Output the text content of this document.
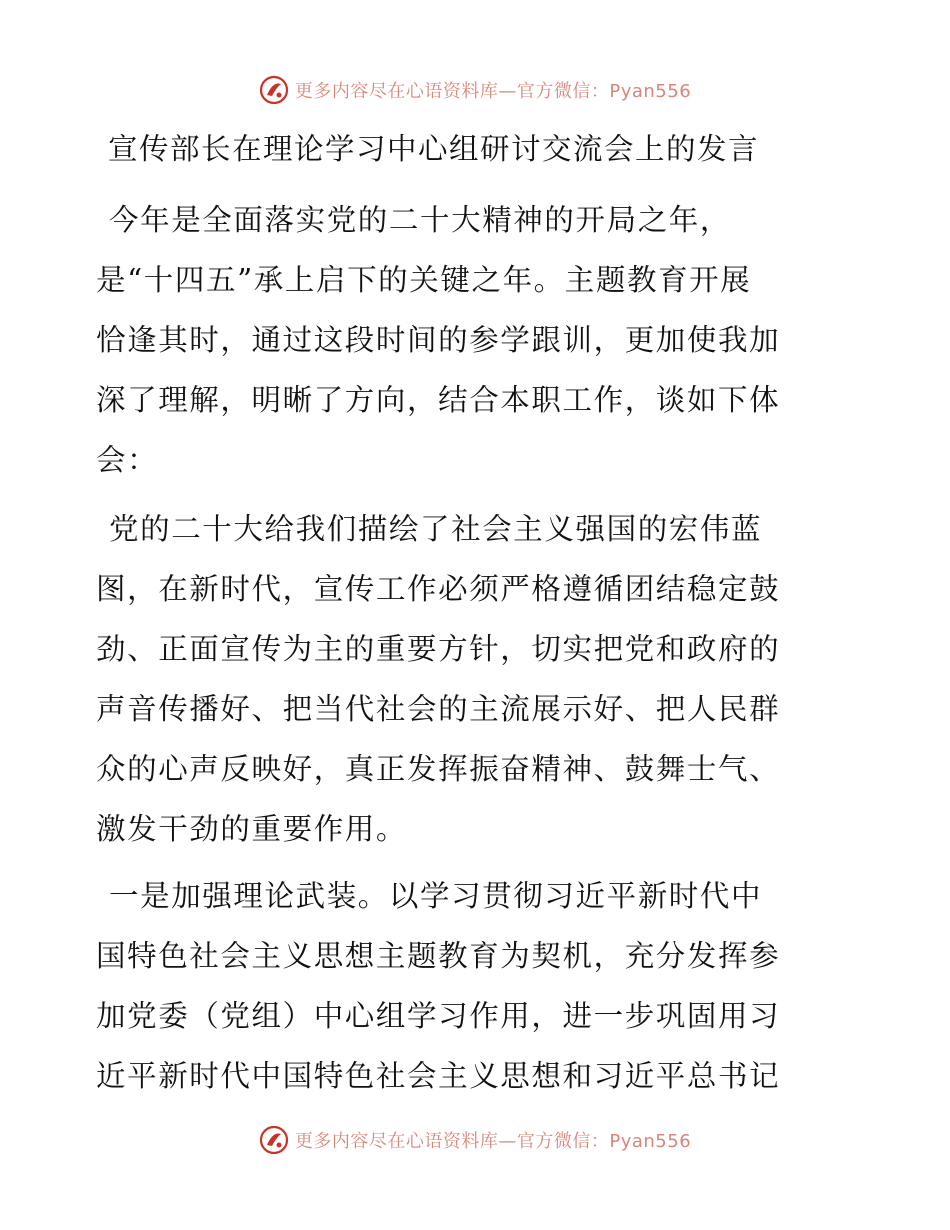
更多内容尽在心语资料库—官方微信：Pyan556
宣传部长在理论学习中心组研讨交流会上的发言
今年是全面落实党的二十大精神的开局之年，
是“十四五”承上启下的关键之年。主题教育开展
恰逢其时，通过这段时间的参学跟训，更加使我加
深了理解，明晰了方向，结合本职工作，谈如下体
会：
党的二十大给我们描绘了社会主义强国的宏伟蓝
图，在新时代，宣传工作必须严格遵循团结稳定鼓
劲、正面宣传为主的重要方针，切实把党和政府的
声音传播好、把当代社会的主流展示好、把人民群
众的心声反映好，真正发挥振奋精神、鼓舞士气、
激发干劲的重要作用。
一是加强理论武装。以学习贯彻习近平新时代中
国特色社会主义思想主题教育为契机，充分发挥参
加党委（党组）中心组学习作用，进一步巩固用习
近平新时代中国特色社会主义思想和习近平总书记
更多内容尽在心语资料库—官方微信：Pyan556
